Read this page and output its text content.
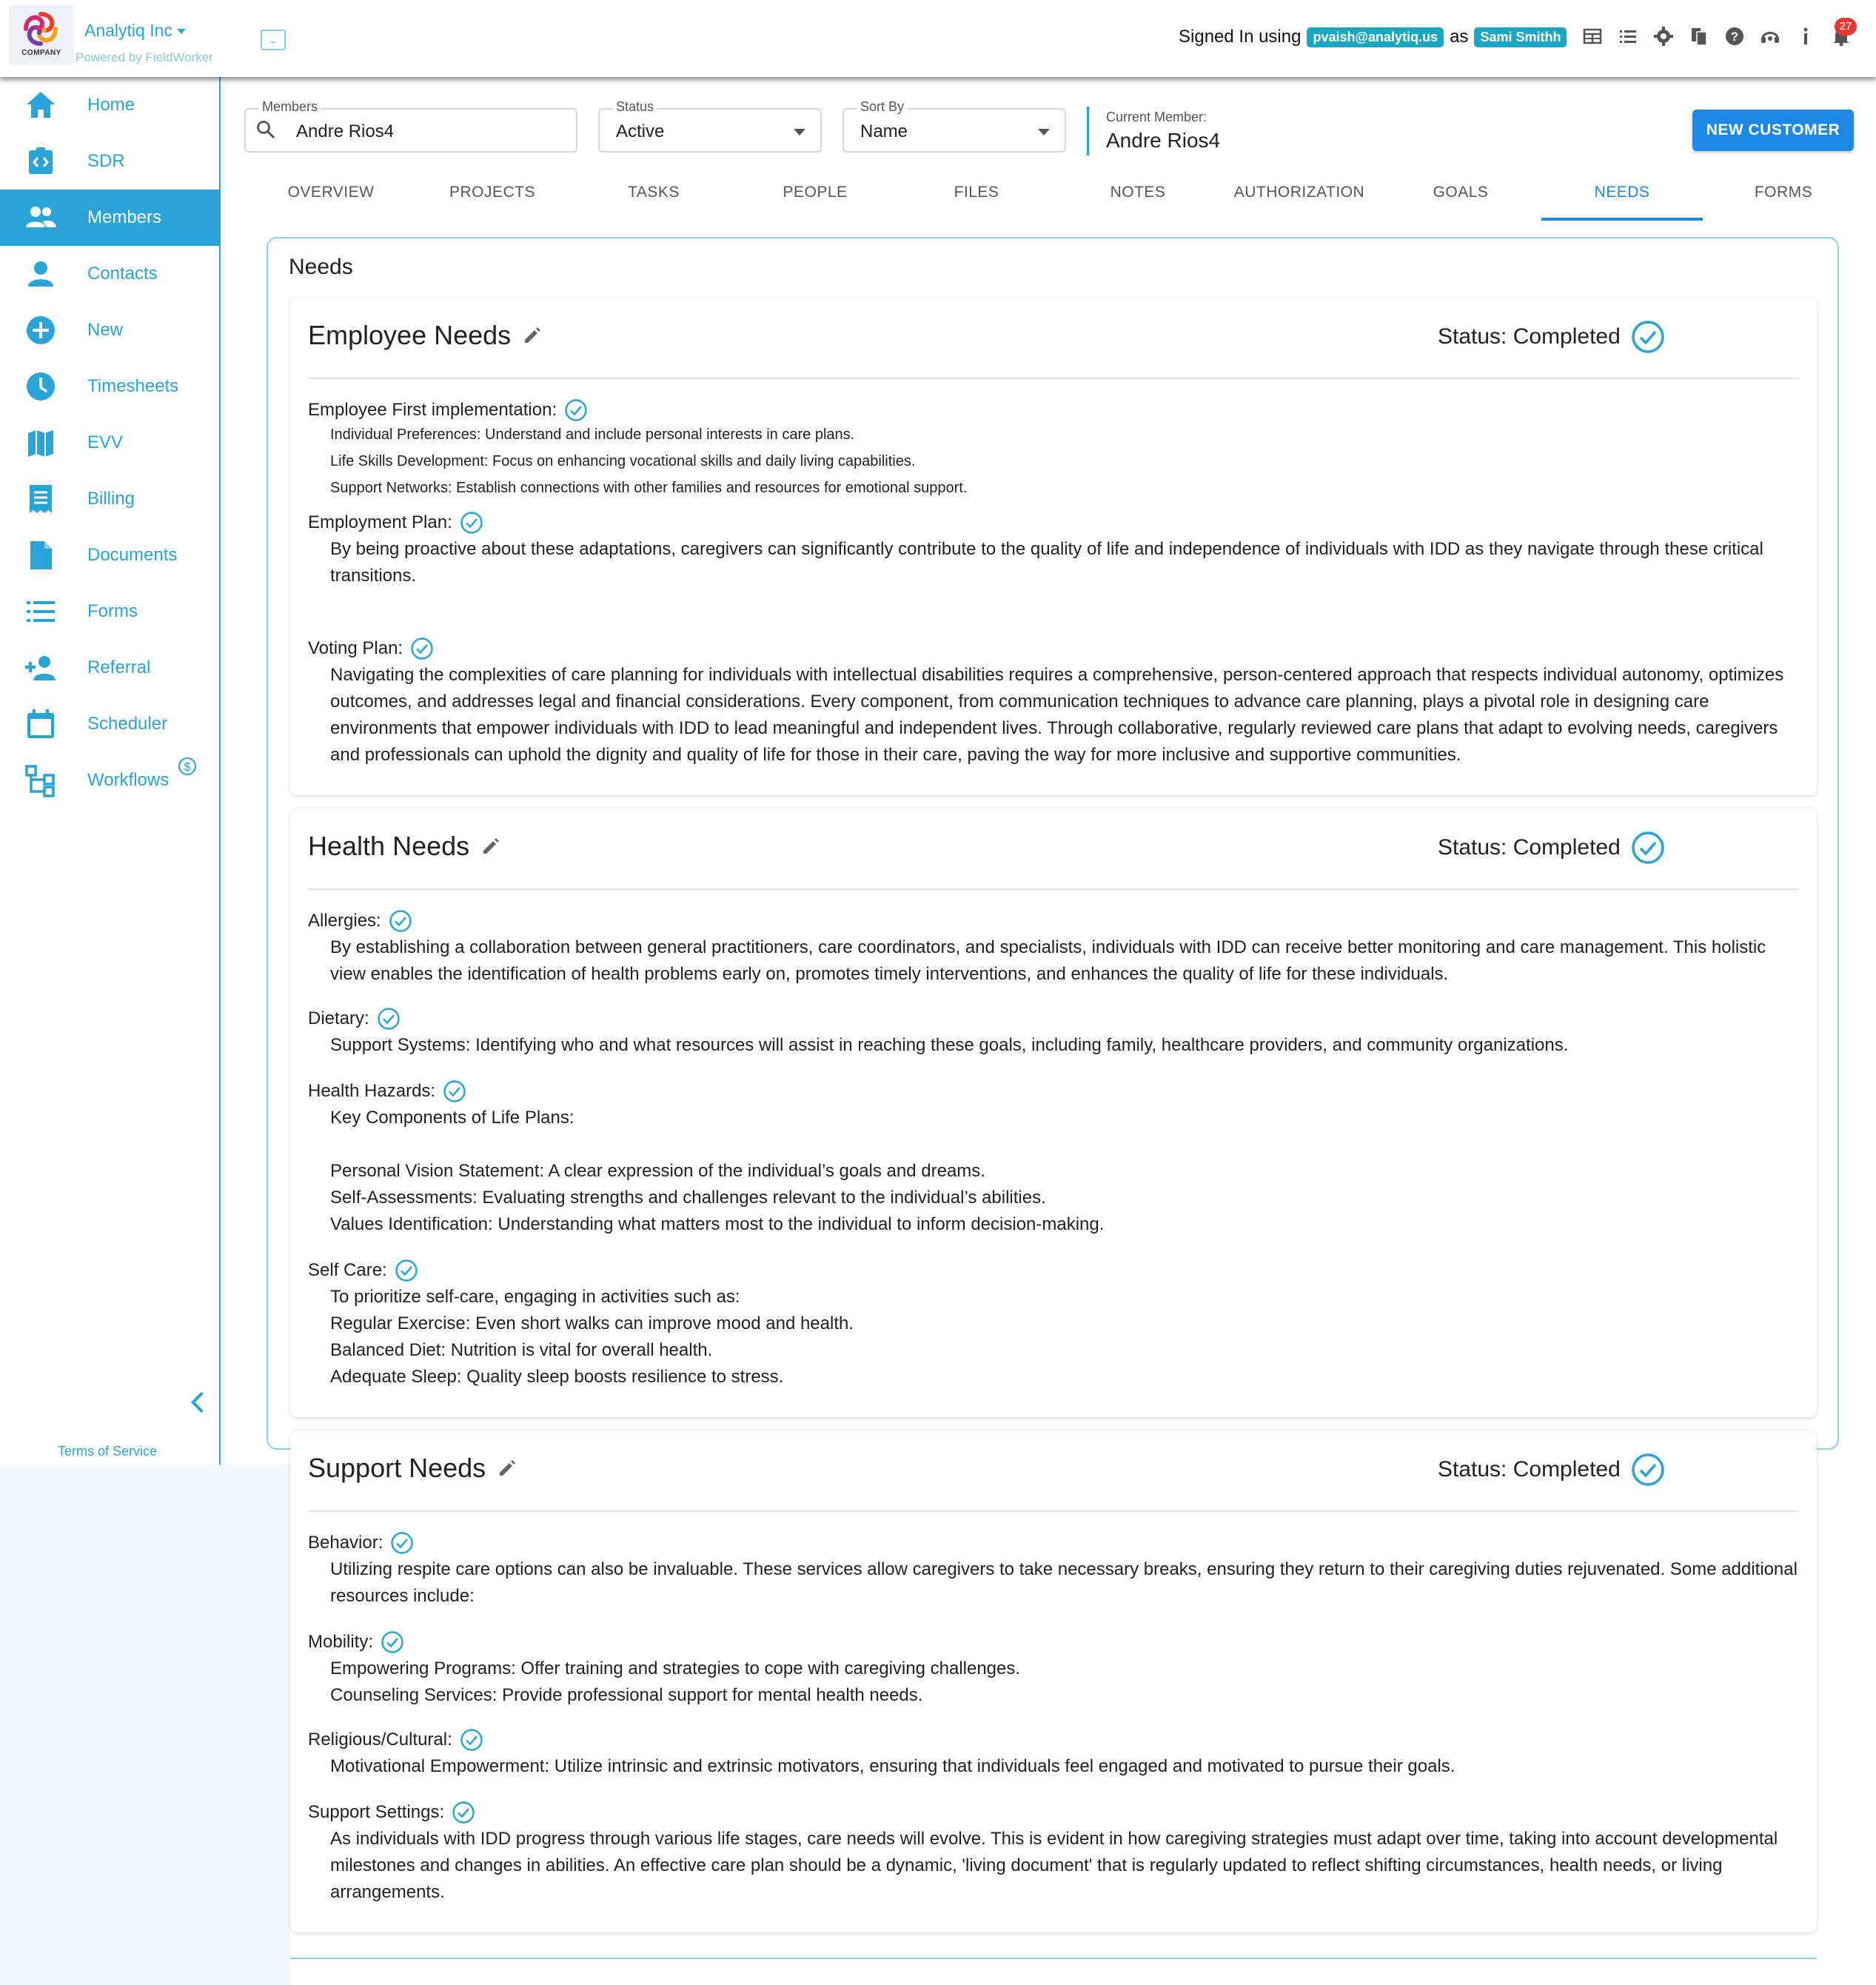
COMPANY
Analytiq Inc
Powered by FieldWorker
Signed In using pvaish@analytiq.us as Sami Smithh	?
27
Home
SDR
Members
Contacts
New
Timesheets
EVV
Billing
Documents
Forms
Referral
Scheduler
Workflows
$
Terms of Service
Members
Andre Rios4
Status
Active
Sort By
Name
Current Member:
Andre Rios4	NEW CUSTOMER
OVERVIEW	PROJECTS	TASKS	PEOPLE	FILES	NOTES	AUTHORIZATION	GOALS	NEEDS	FORMS
Needs
Employee Needs	Status: Completed
Employee First implementation:

Individual Preferences: Understand and include personal interests in care plans.

Life Skills Development: Focus on enhancing vocational skills and daily living capabilities.

Support Networks: Establish connections with other families and resources for emotional support.

Employment Plan:

By being proactive about these adaptations, caregivers can significantly contribute to the quality of life and independence of individuals with IDD as they navigate through these critical transitions.

Voting Plan:

Navigating the complexities of care planning for individuals with intellectual disabilities requires a comprehensive, person-centered approach that respects individual autonomy, optimizes outcomes, and addresses legal and financial considerations. Every component, from communication techniques to advance care planning, plays a pivotal role in designing care environments that empower individuals with IDD to lead meaningful and independent lives. Through collaborative, regularly reviewed care plans that adapt to evolving needs, caregivers and professionals can uphold the dignity and quality of life for those in their care, paving the way for more inclusive and supportive communities.

Health Needs	Status: Completed
Allergies:

By establishing a collaboration between general practitioners, care coordinators, and specialists, individuals with IDD can receive better monitoring and care management. This holistic view enables the identification of health problems early on, promotes timely interventions, and enhances the quality of life for these individuals.

Dietary:

Support Systems: Identifying who and what resources will assist in reaching these goals, including family, healthcare providers, and community organizations.

Health Hazards:

Key Components of Life Plans:

Personal Vision Statement: A clear expression of the individual’s goals and dreams.

Self-Assessments: Evaluating strengths and challenges relevant to the individual’s abilities.

Values Identification: Understanding what matters most to the individual to inform decision-making.

Self Care:

To prioritize self-care, engaging in activities such as:

Regular Exercise: Even short walks can improve mood and health.

Balanced Diet: Nutrition is vital for overall health.

Adequate Sleep: Quality sleep boosts resilience to stress.

Support Needs	Status: Completed
Behavior:

Utilizing respite care options can also be invaluable. These services allow caregivers to take necessary breaks, ensuring they return to their caregiving duties rejuvenated. Some additional resources include:

Mobility:

Empowering Programs: Offer training and strategies to cope with caregiving challenges.

Counseling Services: Provide professional support for mental health needs.

Religious/Cultural:

Motivational Empowerment: Utilize intrinsic and extrinsic motivators, ensuring that individuals feel engaged and motivated to pursue their goals.

Support Settings:

As individuals with IDD progress through various life stages, care needs will evolve. This is evident in how caregiving strategies must adapt over time, taking into account developmental milestones and changes in abilities. An effective care plan should be a dynamic, 'living document' that is regularly updated to reflect shifting circumstances, health needs, or living arrangements.
